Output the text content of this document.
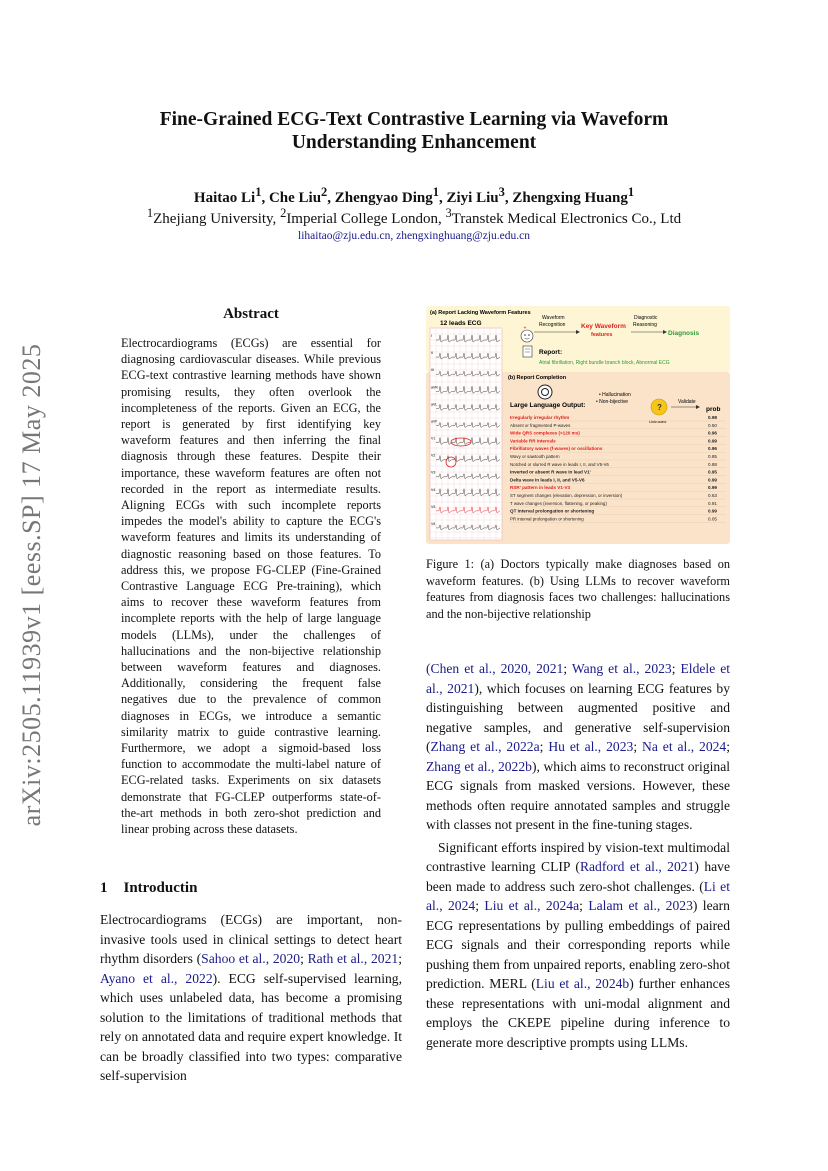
arXiv:2505.11939v1 [eess.SP] 17 May 2025
Fine-Grained ECG-Text Contrastive Learning via Waveform Understanding Enhancement
Haitao Li$^1$, Che Liu$^2$, Zhengyao Ding$^1$, Ziyi Liu$^3$, Zhengxing Huang$^1$
$^1$Zhejiang University, $^2$Imperial College London, $^3$Transtek Medical Electronics Co., Ltd
lihaitao@zju.edu.cn, zhengxinghuang@zju.edu.cn
Abstract
Electrocardiograms (ECGs) are essential for diagnosing cardiovascular diseases. While previous ECG-text contrastive learning methods have shown promising results, they often overlook the incompleteness of the reports. Given an ECG, the report is generated by first identifying key waveform features and then inferring the final diagnosis through these features. Despite their importance, these waveform features are often not recorded in the report as intermediate results. Aligning ECGs with such incomplete reports impedes the model's ability to capture the ECG's waveform features and limits its understanding of diagnostic reasoning based on those features. To address this, we propose FG-CLEP (Fine-Grained Contrastive Language ECG Pre-training), which aims to recover these waveform features from incomplete reports with the help of large language models (LLMs), under the challenges of hallucinations and the non-bijective relationship between waveform features and diagnoses. Additionally, considering the frequent false negatives due to the prevalence of common diagnoses in ECGs, we introduce a semantic similarity matrix to guide contrastive learning. Furthermore, we adopt a sigmoid-based loss function to accommodate the multi-label nature of ECG-related tasks. Experiments on six datasets demonstrate that FG-CLEP outperforms state-of-the-art methods in both zero-shot prediction and linear probing across these datasets.
1 Introductin
Electrocardiograms (ECGs) are important, non-invasive tools used in clinical settings to detect heart rhythm disorders (Sahoo et al., 2020; Rath et al., 2021; Ayano et al., 2022). ECG self-supervised learning, which uses unlabeled data, has become a promising solution to the limitations of traditional methods that rely on annotated data and require expert knowledge. It can be broadly classified into two types: comparative self-supervision

(Chen et al., 2020, 2021; Wang et al., 2023; Eldele et al., 2021), which focuses on learning ECG features by distinguishing between augmented positive and negative samples, and generative self-supervision (Zhang et al., 2022a; Hu et al., 2023; Na et al., 2024; Zhang et al., 2022b), which aims to reconstruct original ECG signals from masked versions. However, these methods often require annotated samples and struggle with classes not present in the fine-tuning stages.

Significant efforts inspired by vision-text multimodal contrastive learning CLIP (Radford et al., 2021) have been made to address such zero-shot challenges. (Li et al., 2024; Liu et al., 2024a; Lalam et al., 2023) learn ECG representations by pulling embeddings of paired ECG signals and their corresponding reports while pushing them from unpaired reports, enabling zero-shot prediction. MERL (Liu et al., 2024b) further enhances these representations with uni-modal alignment and employs the CKEPE pipeline during inference to generate more descriptive prompts using LLMs.

(a) Report Lacking Waveform Features
12 leads ECG
I
II
III
aVR
aVL
aVF
V1
V2
V3
V4
V5
V6
+
Waveform
Recognition Key Waveform
features
Diagnostic
Reasoning
Diagnosis
Report:
Atrial fibrillation, Right bundle branch block, Abnormal ECG
(b) Report Completion
Large Language Output:
• Hallucination
• Non-bijective
?
Untrusted
Validate
prob
Irregularly irregular rhythm	0.98
Absent or fragmented P-waves	0.50
Wide QRS complexes (>120 ms)	0.96
Variable RR intervals	0.99
Fibrillatory waves (f-waves) or oscillations	0.96
Wavy or sawtooth pattern	0.85
Notched or slurred R wave in leads I, II, and V5-V6	0.88
Inverted or absent R wave in lead V1'	0.95
Delta wave in leads I, II, and V5-V6	0.99
RSR' pattern in leads V1-V3	0.99
ST segment changes (elevation, depression, or inversion)	0.63
T wave changes (inversion, flattening, or peaking)	0.91
QT interval prolongation or shortening	0.99
PR interval prolongation or shortening	0.05
Figure 1: (a) Doctors typically make diagnoses based on waveform features. (b) Using LLMs to recover waveform features from diagnosis faces two challenges: hallucinations and the non-bijective relationship
